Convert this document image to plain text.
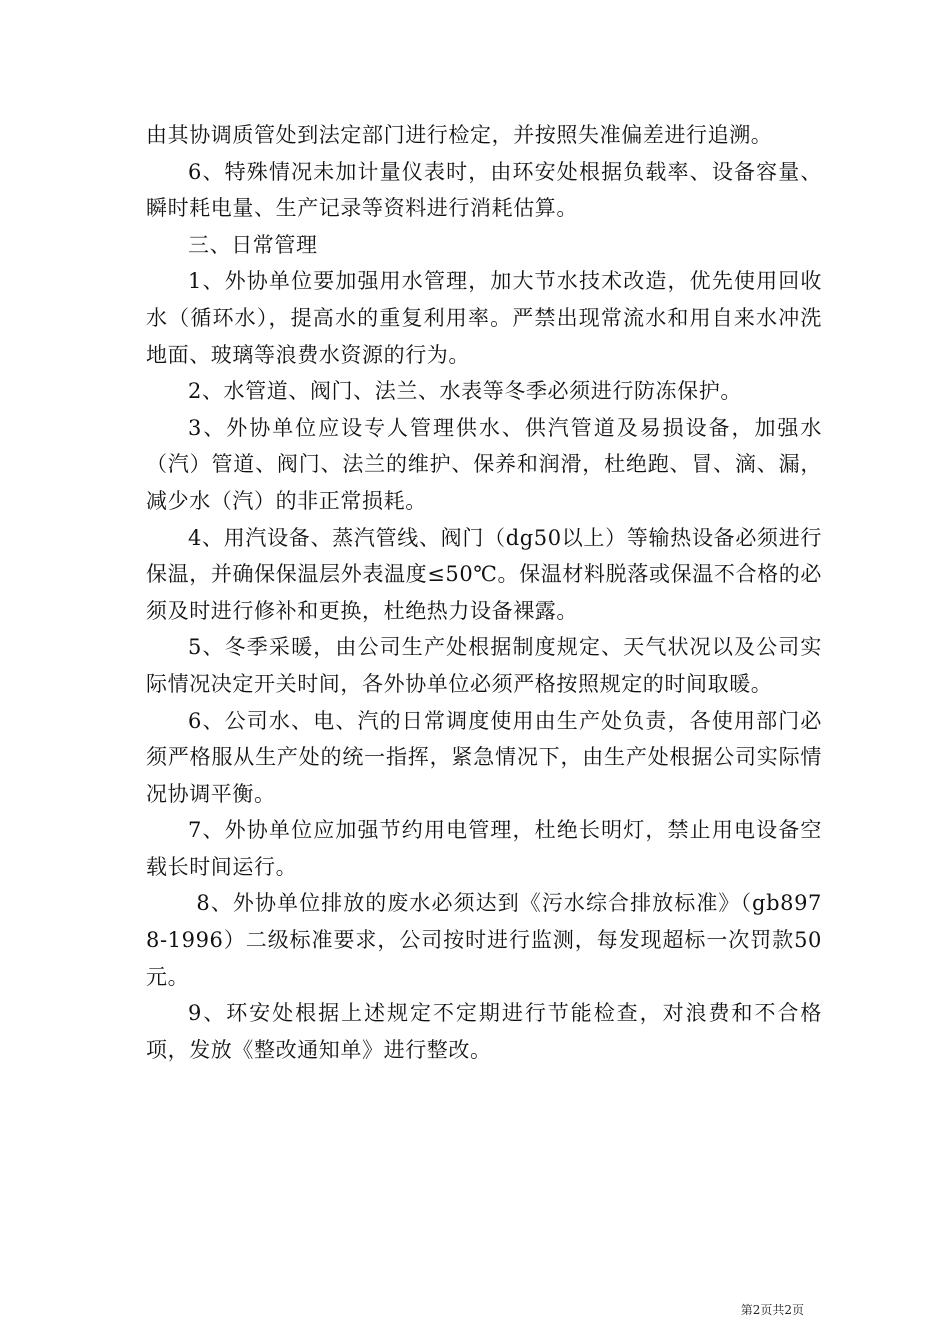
由其协调质管处到法定部门进行检定，并按照失准偏差进行追溯。

6、特殊情况未加计量仪表时，由环安处根据负载率、设备容量、瞬时耗电量、生产记录等资料进行消耗估算。

三、日常管理

1、外协单位要加强用水管理，加大节水技术改造，优先使用回收水（循环水），提高水的重复利用率。严禁出现常流水和用自来水冲洗地面、玻璃等浪费水资源的行为。

2、水管道、阀门、法兰、水表等冬季必须进行防冻保护。

3、外协单位应设专人管理供水、供汽管道及易损设备，加强水（汽）管道、阀门、法兰的维护、保养和润滑，杜绝跑、冒、滴、漏，减少水（汽）的非正常损耗。

4、用汽设备、蒸汽管线、阀门（dg50以上）等输热设备必须进行保温，并确保保温层外表温度≤50℃。保温材料脱落或保温不合格的必须及时进行修补和更换，杜绝热力设备裸露。

5、冬季采暖，由公司生产处根据制度规定、天气状况以及公司实际情况决定开关时间，各外协单位必须严格按照规定的时间取暖。

6、公司水、电、汽的日常调度使用由生产处负责，各使用部门必须严格服从生产处的统一指挥，紧急情况下，由生产处根据公司实际情况协调平衡。

7、外协单位应加强节约用电管理，杜绝长明灯，禁止用电设备空载长时间运行。

8、外协单位排放的废水必须达到《污水综合排放标准》（gb8978-1996）二级标准要求，公司按时进行监测，每发现超标一次罚款50元。

9、环安处根据上述规定不定期进行节能检查，对浪费和不合格项，发放《整改通知单》进行整改。

第2页共2页
